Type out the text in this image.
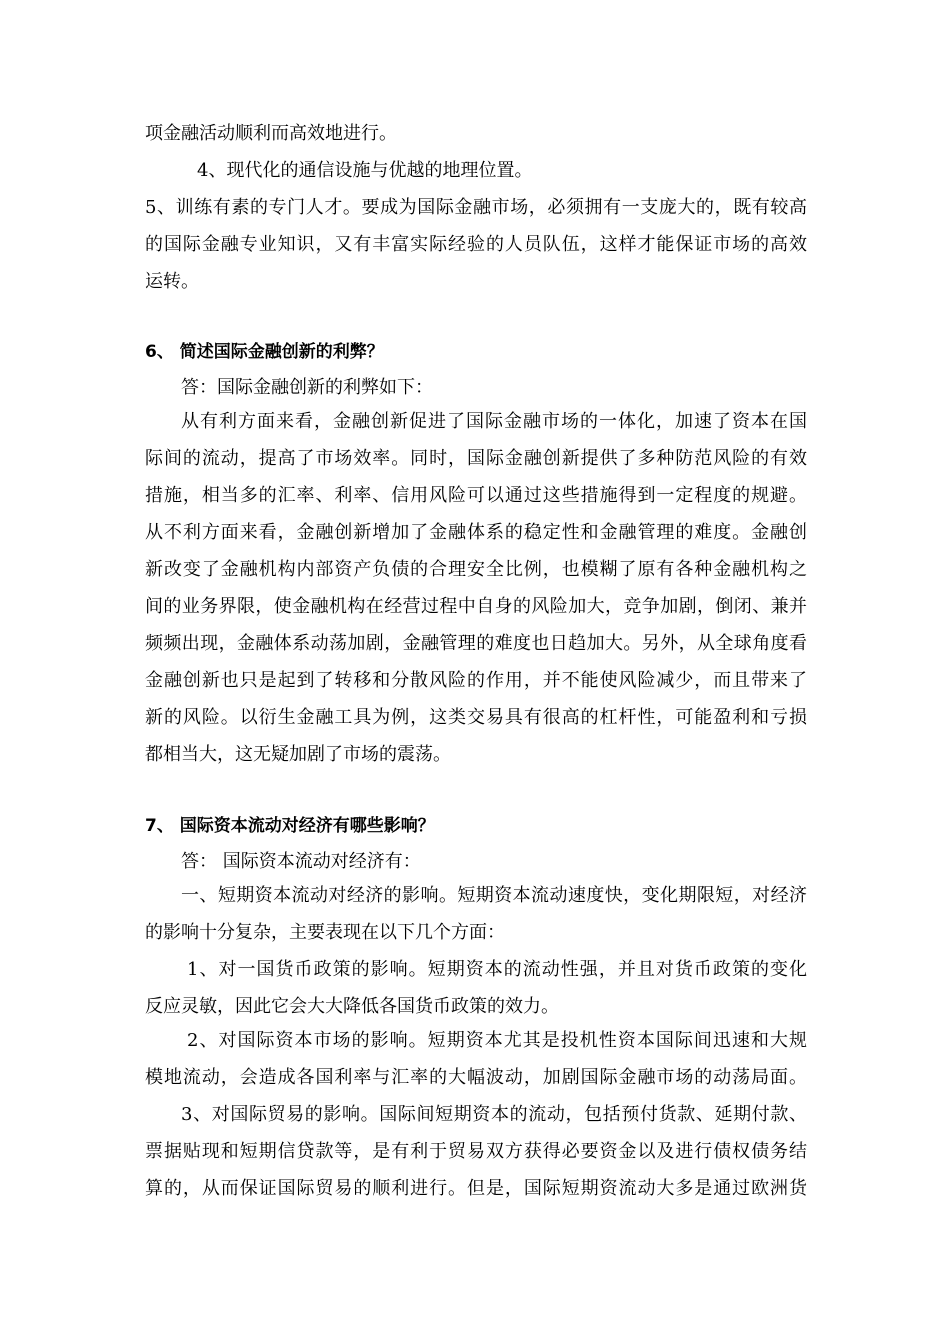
项金融活动顺利而高效地进行。
4、现代化的通信设施与优越的地理位置。
5、训练有素的专门人才。要成为国际金融市场，必须拥有一支庞大的，既有较高
的国际金融专业知识，又有丰富实际经验的人员队伍，这样才能保证市场的高效
运转。
6、 简述国际金融创新的利弊？
答：国际金融创新的利弊如下：
从有利方面来看，金融创新促进了国际金融市场的一体化，加速了资本在国
际间的流动，提高了市场效率。同时，国际金融创新提供了多种防范风险的有效
措施，相当多的汇率、利率、信用风险可以通过这些措施得到一定程度的规避。
从不利方面来看，金融创新增加了金融体系的稳定性和金融管理的难度。金融创
新改变了金融机构内部资产负债的合理安全比例，也模糊了原有各种金融机构之
间的业务界限，使金融机构在经营过程中自身的风险加大，竞争加剧，倒闭、兼并
频频出现，金融体系动荡加剧，金融管理的难度也日趋加大。另外，从全球角度看
金融创新也只是起到了转移和分散风险的作用，并不能使风险减少，而且带来了
新的风险。以衍生金融工具为例，这类交易具有很高的杠杆性，可能盈利和亏损
都相当大，这无疑加剧了市场的震荡。
7、 国际资本流动对经济有哪些影响？
答： 国际资本流动对经济有：
一、短期资本流动对经济的影响。短期资本流动速度快，变化期限短，对经济
的影响十分复杂，主要表现在以下几个方面：
1、对一国货币政策的影响。短期资本的流动性强，并且对货币政策的变化
反应灵敏，因此它会大大降低各国货币政策的效力。
2、对国际资本市场的影响。短期资本尤其是投机性资本国际间迅速和大规
模地流动，会造成各国利率与汇率的大幅波动，加剧国际金融市场的动荡局面。
3、对国际贸易的影响。国际间短期资本的流动，包括预付货款、延期付款、
票据贴现和短期信贷款等，是有利于贸易双方获得必要资金以及进行债权债务结
算的，从而保证国际贸易的顺利进行。但是，国际短期资流动大多是通过欧洲货
